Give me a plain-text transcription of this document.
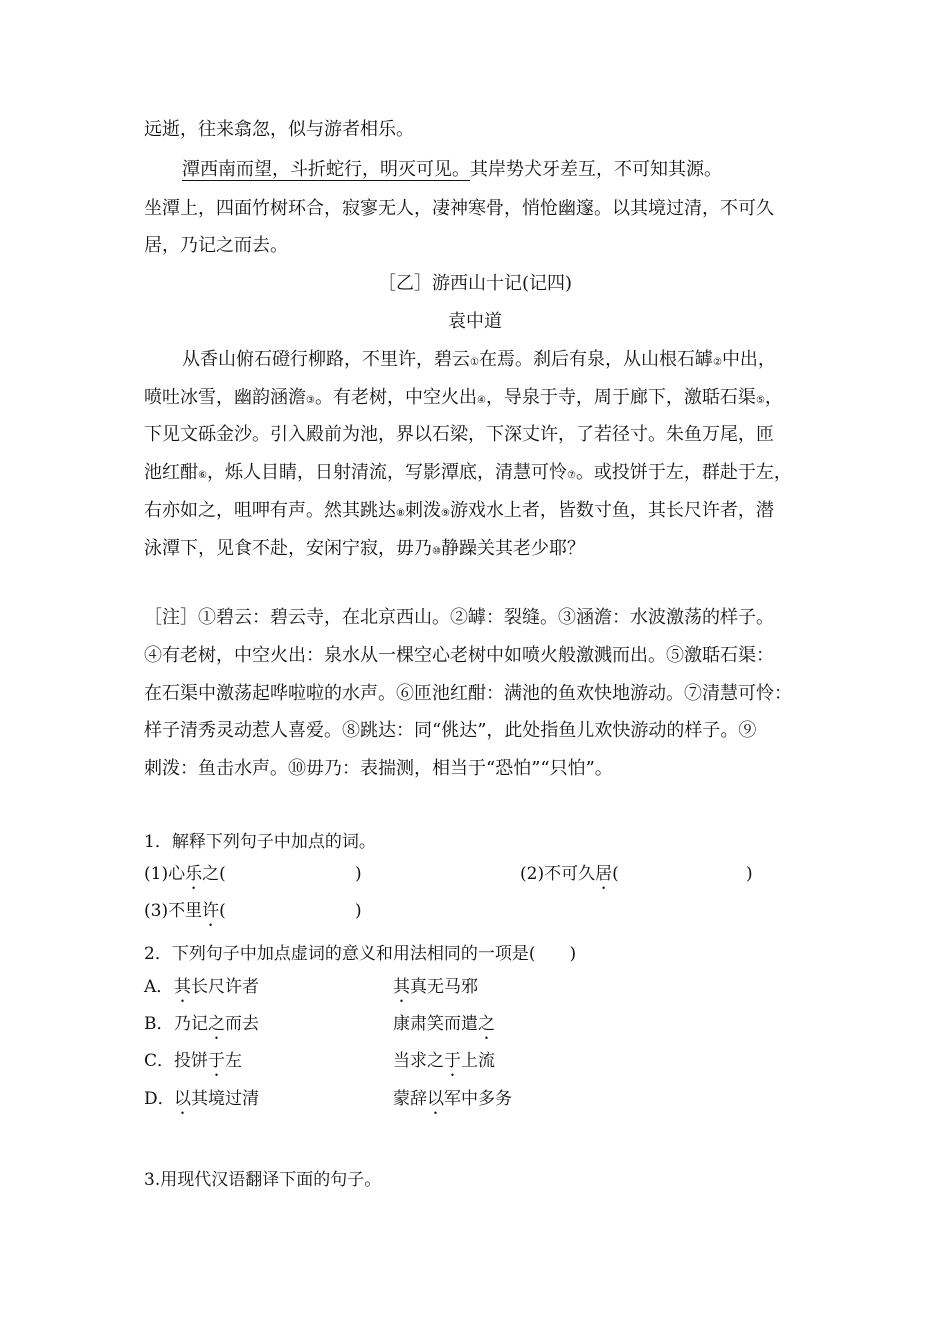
远逝，往来翕忽，似与游者相乐。
潭西南而望，斗折蛇行，明灭可见。其岸势犬牙差互，不可知其源。
坐潭上，四面竹树环合，寂寥无人，凄神寒骨，悄怆幽邃。以其境过清，不可久
居，乃记之而去。
［乙］游西山十记(记四)
袁中道
从香山俯石磴行柳路，不里许，碧云①在焉。刹后有泉，从山根石罅②中出，
喷吐冰雪，幽韵涵澹③。有老树，中空火出④，导泉于寺，周于廊下，激聒石渠⑤，
下见文砾金沙。引入殿前为池，界以石梁，下深丈许，了若径寸。朱鱼万尾，匝
池红酣⑥，烁人目睛，日射清流，写影潭底，清慧可怜⑦。或投饼于左，群赴于左，
右亦如之，咀呷有声。然其跳达⑧刺泼⑨游戏水上者，皆数寸鱼，其长尺许者，潜
泳潭下，见食不赴，安闲宁寂，毋乃⑩静躁关其老少耶？
［注］①碧云：碧云寺，在北京西山。②罅：裂缝。③涵澹：水波激荡的样子。
④有老树，中空火出：泉水从一棵空心老树中如喷火般激溅而出。⑤激聒石渠：
在石渠中激荡起哗啦啦的水声。⑥匝池红酣：满池的鱼欢快地游动。⑦清慧可怜：
样子清秀灵动惹人喜爱。⑧跳达：同“佻达”，此处指鱼儿欢快游动的样子。⑨
刺泼：鱼击水声。⑩毋乃：表揣测，相当于“恐怕”“只怕”。
1．解释下列句子中加点的词。
(1)心乐之(	)	(2)不可久居(	)
(3)不里许(	)
2．下列句子中加点虚词的意义和用法相同的一项是(　　)
A． 其长尺许者	其真无马邪
B． 乃记之而去	康肃笑而遣之
C． 投饼于左	当求之于上流
D． 以其境过清	蒙辞以军中多务
3.用现代汉语翻译下面的句子。
